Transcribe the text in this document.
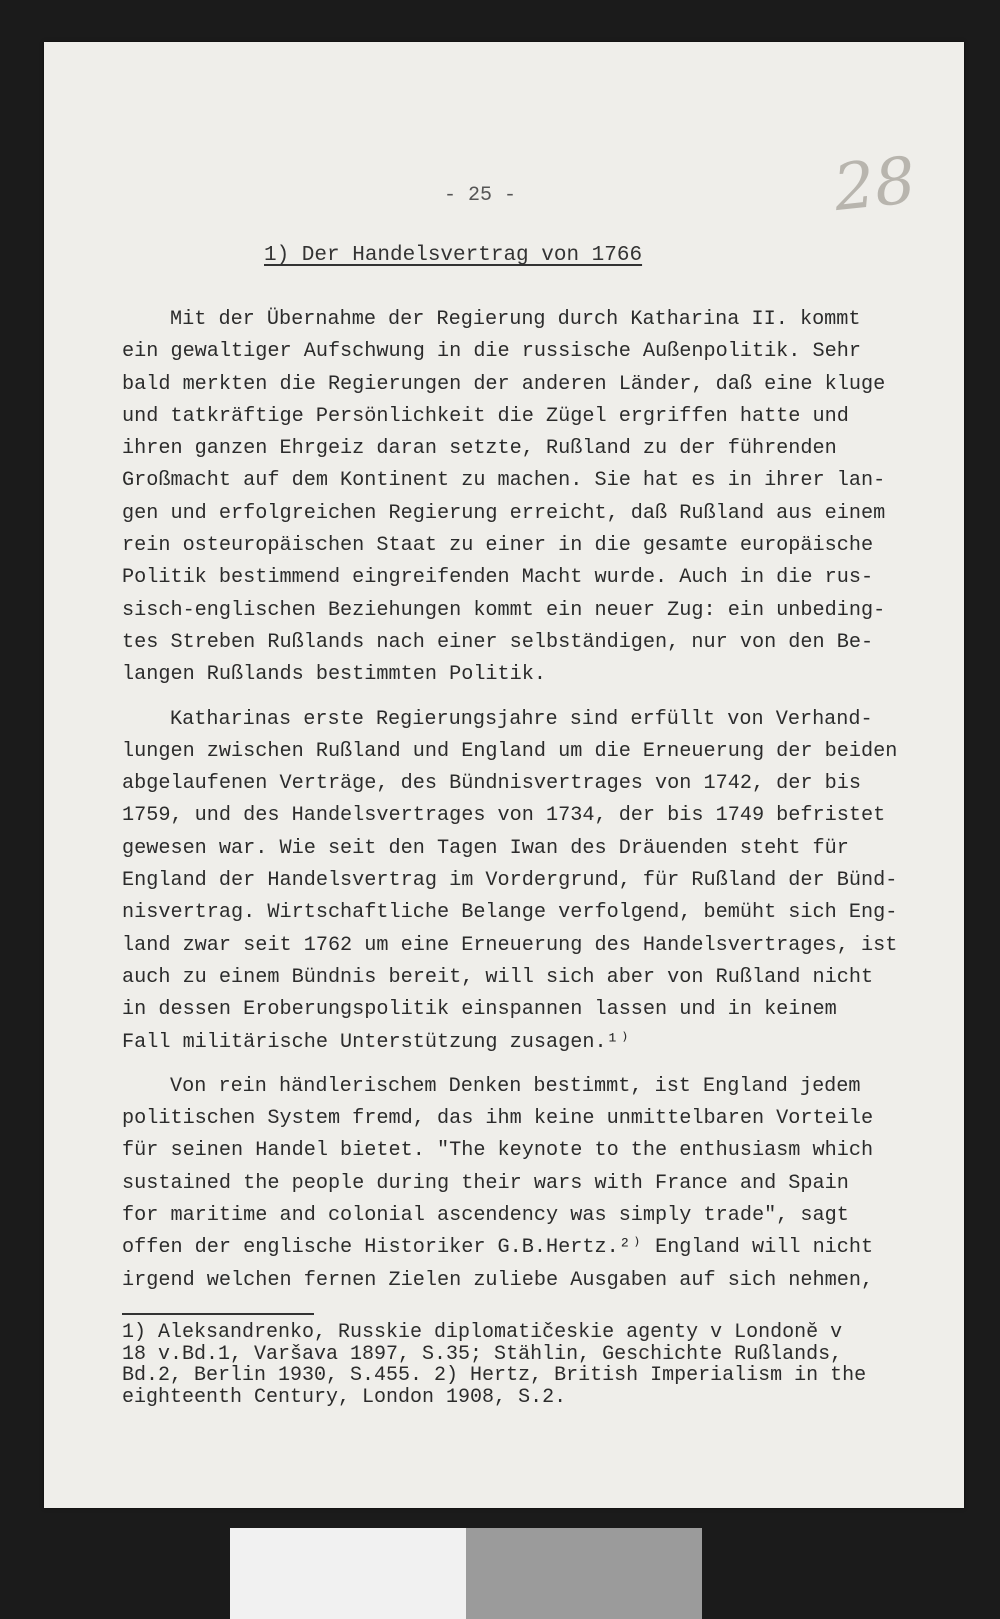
- 25 -	28
1) Der Handelsvertrag von 1766

Mit der Übernahme der Regierung durch Katharina II. kommt
ein gewaltiger Aufschwung in die russische Außenpolitik. Sehr
bald merkten die Regierungen der anderen Länder, daß eine kluge
und tatkräftige Persönlichkeit die Zügel ergriffen hatte und
ihren ganzen Ehrgeiz daran setzte, Rußland zu der führenden
Großmacht auf dem Kontinent zu machen. Sie hat es in ihrer lan-
gen und erfolgreichen Regierung erreicht, daß Rußland aus einem
rein osteuropäischen Staat zu einer in die gesamte europäische
Politik bestimmend eingreifenden Macht wurde. Auch in die rus-
sisch-englischen Beziehungen kommt ein neuer Zug: ein unbeding-
tes Streben Rußlands nach einer selbständigen, nur von den Be-
langen Rußlands bestimmten Politik.

Katharinas erste Regierungsjahre sind erfüllt von Verhand-
lungen zwischen Rußland und England um die Erneuerung der beiden
abgelaufenen Verträge, des Bündnisvertrages von 1742, der bis
1759, und des Handelsvertrages von 1734, der bis 1749 befristet
gewesen war. Wie seit den Tagen Iwan des Dräuenden steht für
England der Handelsvertrag im Vordergrund, für Rußland der Bünd-
nisvertrag. Wirtschaftliche Belange verfolgend, bemüht sich Eng-
land zwar seit 1762 um eine Erneuerung des Handelsvertrages, ist
auch zu einem Bündnis bereit, will sich aber von Rußland nicht
in dessen Eroberungspolitik einspannen lassen und in keinem
Fall militärische Unterstützung zusagen.¹⁾

Von rein händlerischem Denken bestimmt, ist England jedem
politischen System fremd, das ihm keine unmittelbaren Vorteile
für seinen Handel bietet. "The keynote to the enthusiasm which
sustained the people during their wars with France and Spain
for maritime and colonial ascendency was simply trade", sagt
offen der englische Historiker G.B.Hertz.²⁾ England will nicht
irgend welchen fernen Zielen zuliebe Ausgaben auf sich nehmen,

1) Aleksandrenko, Russkie diplomatičeskie agenty v Londonĕ v
18 v.Bd.1, Varšava 1897, S.35; Stählin, Geschichte Rußlands,
Bd.2, Berlin 1930, S.455. 2) Hertz, British Imperialism in the
eighteenth Century, London 1908, S.2.
